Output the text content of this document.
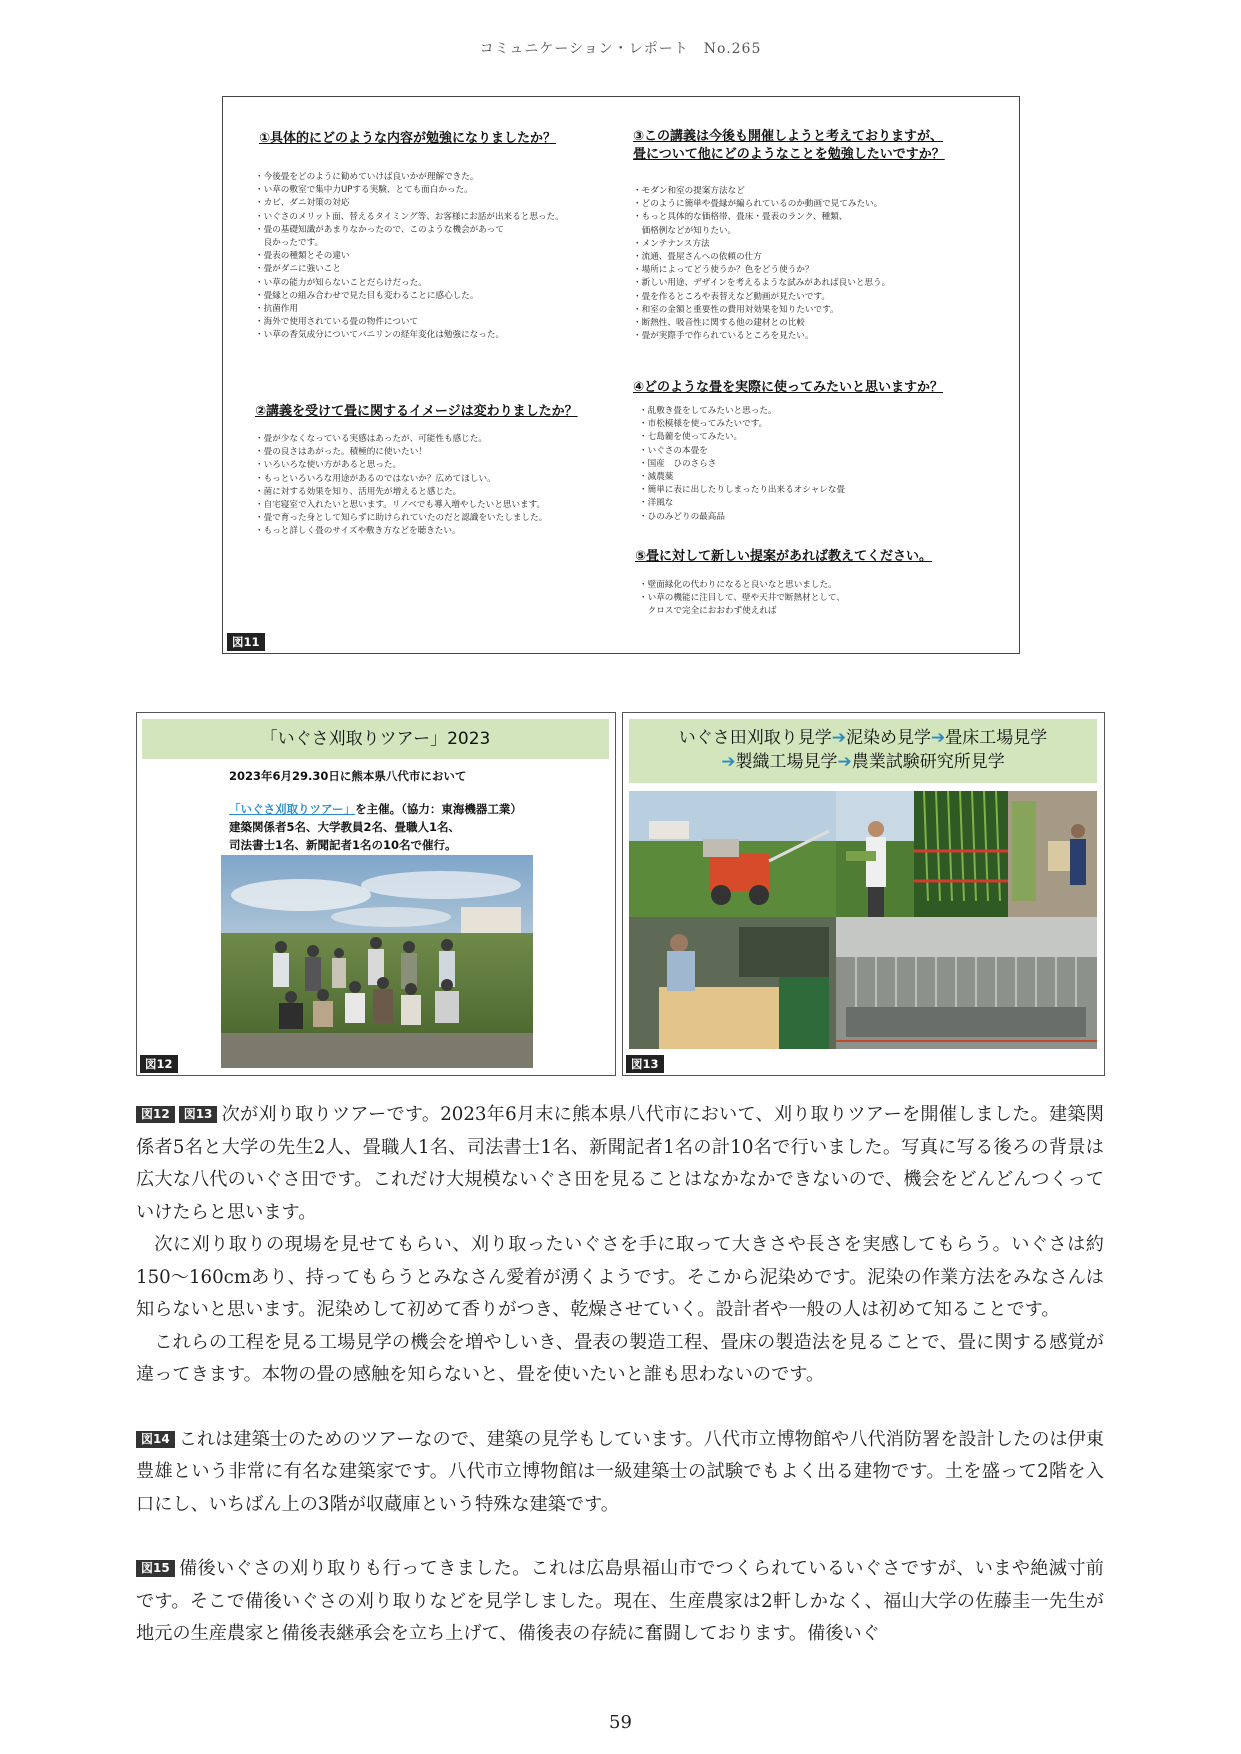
コミュニケーション・レポート　No.265
①具体的にどのような内容が勉強になりましたか？
・今後畳をどのように勧めていけば良いかが理解できた。
・い草の敷室で集中力UPする実験、とても面白かった。
・カビ、ダニ対策の対応
・いぐさのメリット面、替えるタイミング等、お客様にお話が出来ると思った。
・畳の基礎知識があまりなかったので、このような機会があって
　良かったです。
・畳表の種類とその違い
・畳がダニに強いこと
・い草の能力が知らないことだらけだった。
・畳縁との組み合わせで見た目も変わることに感心した。
・抗菌作用
・海外で使用されている畳の物件について
・い草の香気成分についてバニリンの経年変化は勉強になった。
②講義を受けて畳に関するイメージは変わりましたか？
・畳が少なくなっている実感はあったが、可能性も感じた。
・畳の良さはあがった。積極的に使いたい！
・いろいろな使い方があると思った。
・もっといろいろな用途があるのではないか？広めてほしい。
・菌に対する効果を知り、活用先が増えると感じた。
・自宅寝室で入れたいと思います。リノベでも導入増やしたいと思います。
・畳で育った身として知らずに助けられていたのだと認識をいたしました。
・もっと詳しく畳のサイズや敷き方などを聴きたい。
③この講義は今後も開催しようと考えておりますが、
畳について他にどのようなことを勉強したいですか？
・モダン和室の提案方法など
・どのように簡単や畳縁が編られているのか動画で見てみたい。
・もっと具体的な価格帯、畳床・畳表のランク、種類、
　価格例などが知りたい。
・メンテナンス方法
・流通、畳屋さんへの依頼の仕方
・場所によってどう使うか？色をどう使うか？
・新しい用途、デザインを考えるような試みがあれば良いと思う。
・畳を作るところや表替えなど動画が見たいです。
・和室の金額と重要性の費用対効果を知りたいです。
・断熱性、吸音性に関する他の建材との比較
・畳が実際手で作られているところを見たい。
④どのような畳を実際に使ってみたいと思いますか？
・乱敷き畳をしてみたいと思った。
・市松模様を使ってみたいです。
・七島藺を使ってみたい。
・いぐさの本畳を
・国産　ひのさらさ
・減農薬
・簡単に表に出したりしまったり出来るオシャレな畳
・洋風な
・ひのみどりの最高品
⑤畳に対して新しい提案があれば教えてください。
・壁面緑化の代わりになると良いなと思いました。
・い草の機能に注目して、壁や天井で断熱材として、
　クロスで完全におおわず使えれば
図11
「いぐさ刈取りツアー」2023
2023年6月29.30日に熊本県八代市において
「いぐさ刈取りツアー」を主催。（協力：東海機器工業）
建築関係者5名、大学教員2名、畳職人1名、
司法書士1名、新聞記者1名の10名で催行。
図12
いぐさ田刈取り見学➔泥染め見学➔畳床工場見学
➔製織工場見学➔農業試験研究所見学
図13

図12 図13 次が刈り取りツアーです。2023年6月末に熊本県八代市において、刈り取りツアーを開催しました。建築関係者5名と大学の先生2人、畳職人1名、司法書士1名、新聞記者1名の計10名で行いました。写真に写る後ろの背景は広大な八代のいぐさ田です。これだけ大規模ないぐさ田を見ることはなかなかできないので、機会をどんどんつくっていけたらと思います。

次に刈り取りの現場を見せてもらい、刈り取ったいぐさを手に取って大きさや長さを実感してもらう。いぐさは約150～160cmあり、持ってもらうとみなさん愛着が湧くようです。そこから泥染めです。泥染の作業方法をみなさんは知らないと思います。泥染めして初めて香りがつき、乾燥させていく。設計者や一般の人は初めて知ることです。

これらの工程を見る工場見学の機会を増やしいき、畳表の製造工程、畳床の製造法を見ることで、畳に関する感覚が違ってきます。本物の畳の感触を知らないと、畳を使いたいと誰も思わないのです。

図14 これは建築士のためのツアーなので、建築の見学もしています。八代市立博物館や八代消防署を設計したのは伊東豊雄という非常に有名な建築家です。八代市立博物館は一級建築士の試験でもよく出る建物です。土を盛って2階を入口にし、いちばん上の3階が収蔵庫という特殊な建築です。

図15 備後いぐさの刈り取りも行ってきました。これは広島県福山市でつくられているいぐさですが、いまや絶滅寸前です。そこで備後いぐさの刈り取りなどを見学しました。現在、生産農家は2軒しかなく、福山大学の佐藤圭一先生が地元の生産農家と備後表継承会を立ち上げて、備後表の存続に奮闘しております。備後いぐ

59
